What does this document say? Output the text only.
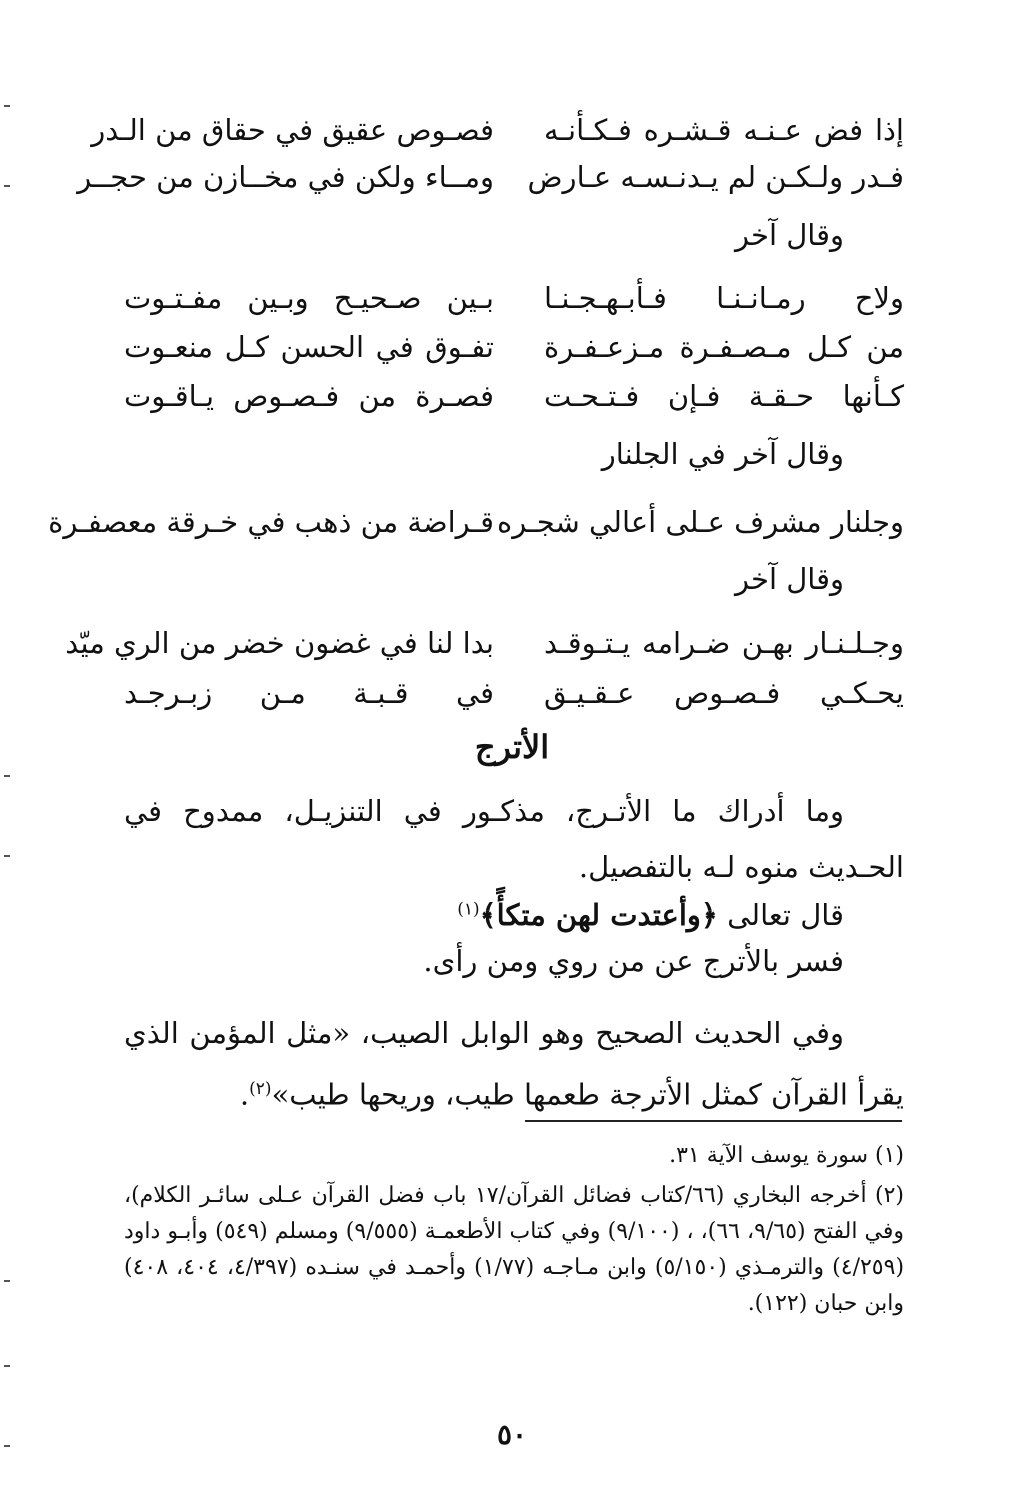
إذا فض عـنـه قـشـره فـكـأنـه
فصـوص عقيق في حقاق من الـدر
فـدر ولـكـن لم يـدنـسـه عـارض
ومــاء ولكن في مخــازن من حجــر
وقال آخر
ولاح رمـانـنـا فـأبـهـجـنـا
بـين صـحيـح وبـين مفـتـوت
من كـل مـصـفـرة مـزعـفـرة
تفـوق في الحسن كـل منعـوت
كـأنها حـقـة فـإن فـتـحـت
فصـرة من فـصـوص يـاقـوت
وقال آخر في الجلنار
وجلنار مشرف عـلى أعالي شجـره
قـراضة من ذهب في خـرقة معصفـرة
وقال آخر
وجـلـنـار بهـن ضـرامه يـتـوقـد
بدا لنا في غضون خضر من الري ميّد
يحـكـي فـصـوص عـقـيـق
في قـبـة مـن زبـرجـد
الأترج
وما أدراك ما الأتـرج، مذكـور في التنزيـل، ممدوح في الحـديث منوه لـه بالتفصيل.
قال تعالى ﴿وأعتدت لهن متكأً﴾$^{(١)}$
فسر بالأترج عن من روي ومن رأى.
وفي الحديث الصحيح وهو الوابل الصيب، «مثل المؤمن الذي يقرأ القرآن كمثل الأترجة طعمها طيب، وريحها طيب»$^{(٢)}$.
(١) سورة يوسف الآية ٣١.
(٢) أخرجه البخاري (٦٦/كتاب فضائل القرآن/١٧ باب فضل القرآن عـلى سائـر الكلام)، وفي الفتح (٩/٦٥، ٦٦)، ، (٩/١٠٠) وفي كتاب الأطعمـة (٩/٥٥٥) ومسلم (٥٤٩) وأبـو داود (٤/٢٥٩) والترمـذي (٥/١٥٠) وابن مـاجـه (١/٧٧) وأحمـد في سنـده (٤/٣٩٧، ٤٠٤، ٤٠٨) وابن حبان (١٢٢).
٥٠
